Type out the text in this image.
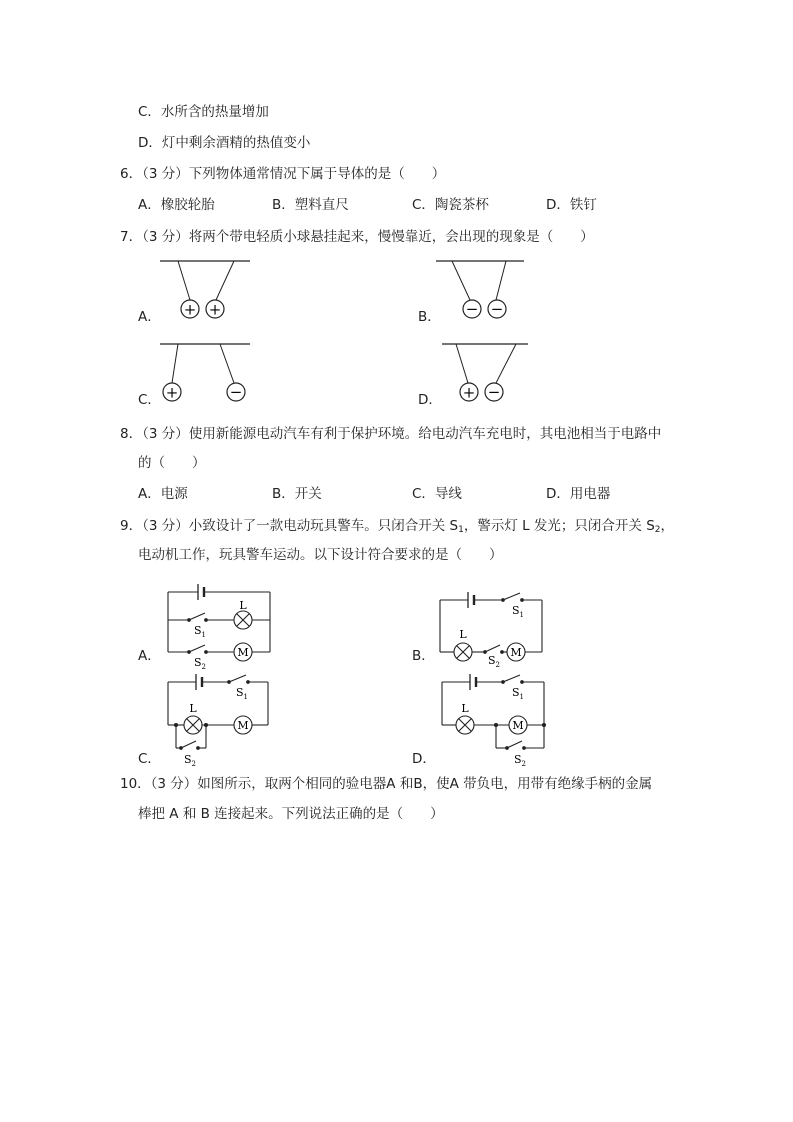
C．水所含的热量增加
D．灯中剩余酒精的热值变小
6．（3 分）下列物体通常情况下属于导体的是（　　）
A．橡胶轮胎	B．塑料直尺	C．陶瓷茶杯	D．铁钉
7．（3 分）将两个带电轻质小球悬挂起来，慢慢靠近，会出现的现象是（　　）
A． + +	B． − −
C． +	−	D． + −
8．（3 分）使用新能源电动汽车有利于保护环境。给电动汽车充电时，其电池相当于电路中
的（　　）
A．电源	B．开关	C．导线	D．用电器
9．（3 分）小致设计了一款电动玩具警车。只闭合开关 $S_1$，警示灯 L 发光；只闭合开关 $S_2$，
电动机工作，玩具警车运动。以下设计符合要求的是（　　）
A．
L
M
$S_1$
$S_2$
B．
$S_1$
L
M
$S_2$
C．
$S_1$
L
M
$S_2$	D．
$S_1$
L
M
$S_2$
10．（3 分）如图所示，取两个相同的验电器A 和B，使A 带负电，用带有绝缘手柄的金属
棒把 A 和 B 连接起来。下列说法正确的是（　　）
